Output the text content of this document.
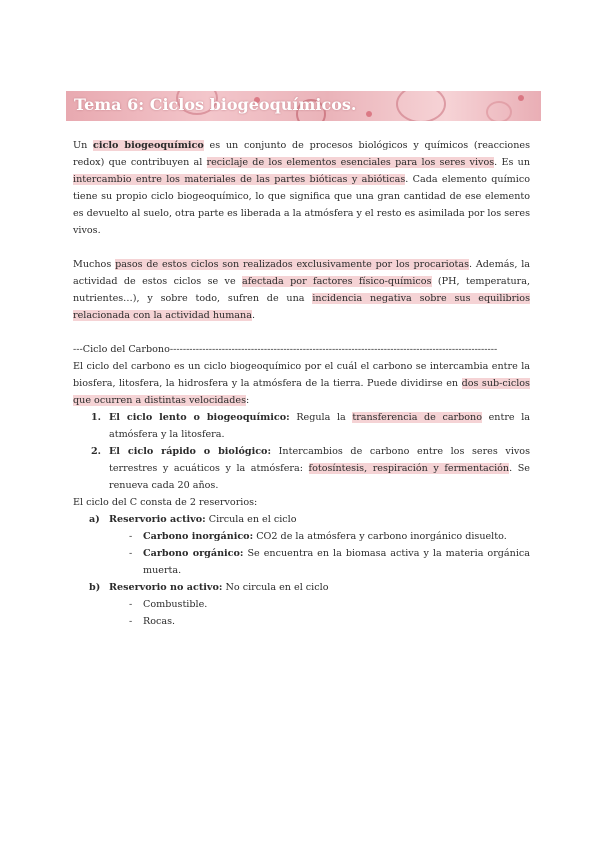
Tema 6: Ciclos biogeoquímicos.

Un ciclo biogeoquímico es un conjunto de procesos biológicos y químicos (reacciones redox) que contribuyen al reciclaje de los elementos esenciales para los seres vivos. Es un intercambio entre los materiales de las partes bióticas y abióticas. Cada elemento químico tiene su propio ciclo biogeoquímico, lo que significa que una gran cantidad de ese elemento es devuelto al suelo, otra parte es liberada a la atmósfera y el resto es asimilada por los seres vivos.

Muchos pasos de estos ciclos son realizados exclusivamente por los procariotas. Además, la actividad de estos ciclos se ve afectada por factores físico-químicos (PH, temperatura, nutrientes…), y sobre todo, sufren de una incidencia negativa sobre sus equilibrios relacionada con la actividad humana.

---Ciclo del Carbono-----------------------------------------------------------------------------------------------------

El ciclo del carbono es un ciclo biogeoquímico por el cuál el carbono se intercambia entre la biosfera, litosfera, la hidrosfera y la atmósfera de la tierra. Puede dividirse en dos sub-ciclos que ocurren a distintas velocidades:

1. El ciclo lento o biogeoquímico: Regula la transferencia de carbono entre la atmósfera y la litosfera.
2. El ciclo rápido o biológico: Intercambios de carbono entre los seres vivos terrestres y acuáticos y la atmósfera: fotosíntesis, respiración y fermentación. Se renueva cada 20 años.

El ciclo del C consta de 2 reservorios:

a) Reservorio activo: Circula en el ciclo
- Carbono inorgánico: CO2 de la atmósfera y carbono inorgánico disuelto.
- Carbono orgánico: Se encuentra en la biomasa activa y la materia orgánica muerta.
b) Reservorio no activo: No circula en el ciclo
- Combustible.
- Rocas.
